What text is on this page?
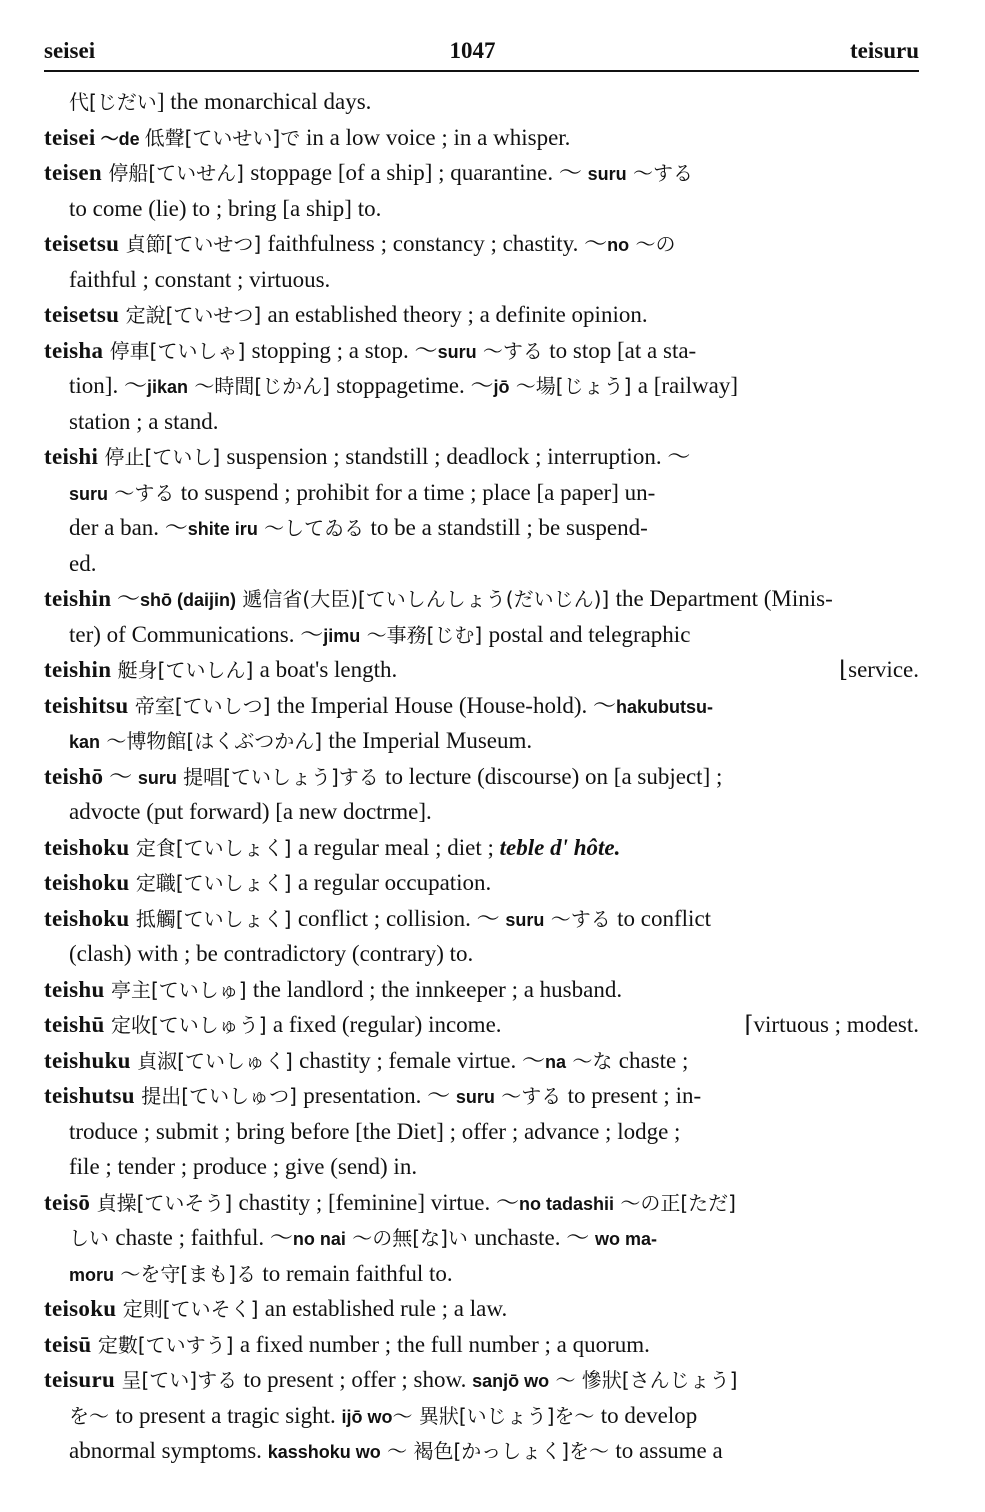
seisei	1047	teisuru
代[じだい] the monarchical days.
teisei ～de 低聲[ていせい]で in a low voice ; in a whisper.
teisen 停船[ていせん] stoppage [of a ship] ; quarantine. ～ suru ～する
to come (lie) to ; bring [a ship] to.
teisetsu 貞節[ていせつ] faithfulness ; constancy ; chastity. ～no ～の
faithful ; constant ; virtuous.
teisetsu 定說[ていせつ] an established theory ; a definite opinion.
teisha 停車[ていしゃ] stopping ; a stop. ～suru ～する to stop [at a sta-
tion]. ～jikan ～時間[じかん] stoppagetime. ～jō ～場[じょう] a [railway]
station ; a stand.
teishi 停止[ていし] suspension ; standstill ; deadlock ; interruption. ～
suru ～する to suspend ; prohibit for a time ; place [a paper] un-
der a ban. ～shite iru ～してゐる to be a standstill ; be suspend-
ed.
teishin ～shō (daijin) 遞信省(大臣)[ていしんしょう(だいじん)] the Department (Minis-
ter) of Communications. ～jimu ～事務[じむ] postal and telegraphic
teishin 艇身[ていしん] a boat's length.	⌊service.
teishitsu 帝室[ていしつ] the Imperial House (House-hold). ～hakubutsu-
kan ～博物館[はくぶつかん] the Imperial Museum.
teishō ～ suru 提唱[ていしょう]する to lecture (discourse) on [a subject] ;
advocte (put forward) [a new doctrme].
teishoku 定食[ていしょく] a regular meal ; diet ; teble d' hôte.
teishoku 定職[ていしょく] a regular occupation.
teishoku 抵觸[ていしょく] conflict ; collision. ～ suru ～する to conflict
(clash) with ; be contradictory (contrary) to.
teishu 亭主[ていしゅ] the landlord ; the innkeeper ; a husband.
teishū 定收[ていしゅう] a fixed (regular) income.	⌈virtuous ; modest.
teishuku 貞淑[ていしゅく] chastity ; female virtue. ～na ～な chaste ;
teishutsu 提出[ていしゅつ] presentation. ～ suru ～する to present ; in-
troduce ; submit ; bring before [the Diet] ; offer ; advance ; lodge ;
file ; tender ; produce ; give (send) in.
teisō 貞操[ていそう] chastity ; [feminine] virtue. ～no tadashii ～の正[ただ]
しい chaste ; faithful. ～no nai ～の無[な]い unchaste. ～ wo ma-
moru ～を守[まも]る to remain faithful to.
teisoku 定則[ていそく] an established rule ; a law.
teisū 定數[ていすう] a fixed number ; the full number ; a quorum.
teisuru 呈[てい]する to present ; offer ; show. sanjō wo ～ 慘狀[さんじょう]
を～ to present a tragic sight. ijō wo～ 異狀[いじょう]を～ to develop
abnormal symptoms. kasshoku wo ～ 褐色[かっしょく]を～ to assume a
